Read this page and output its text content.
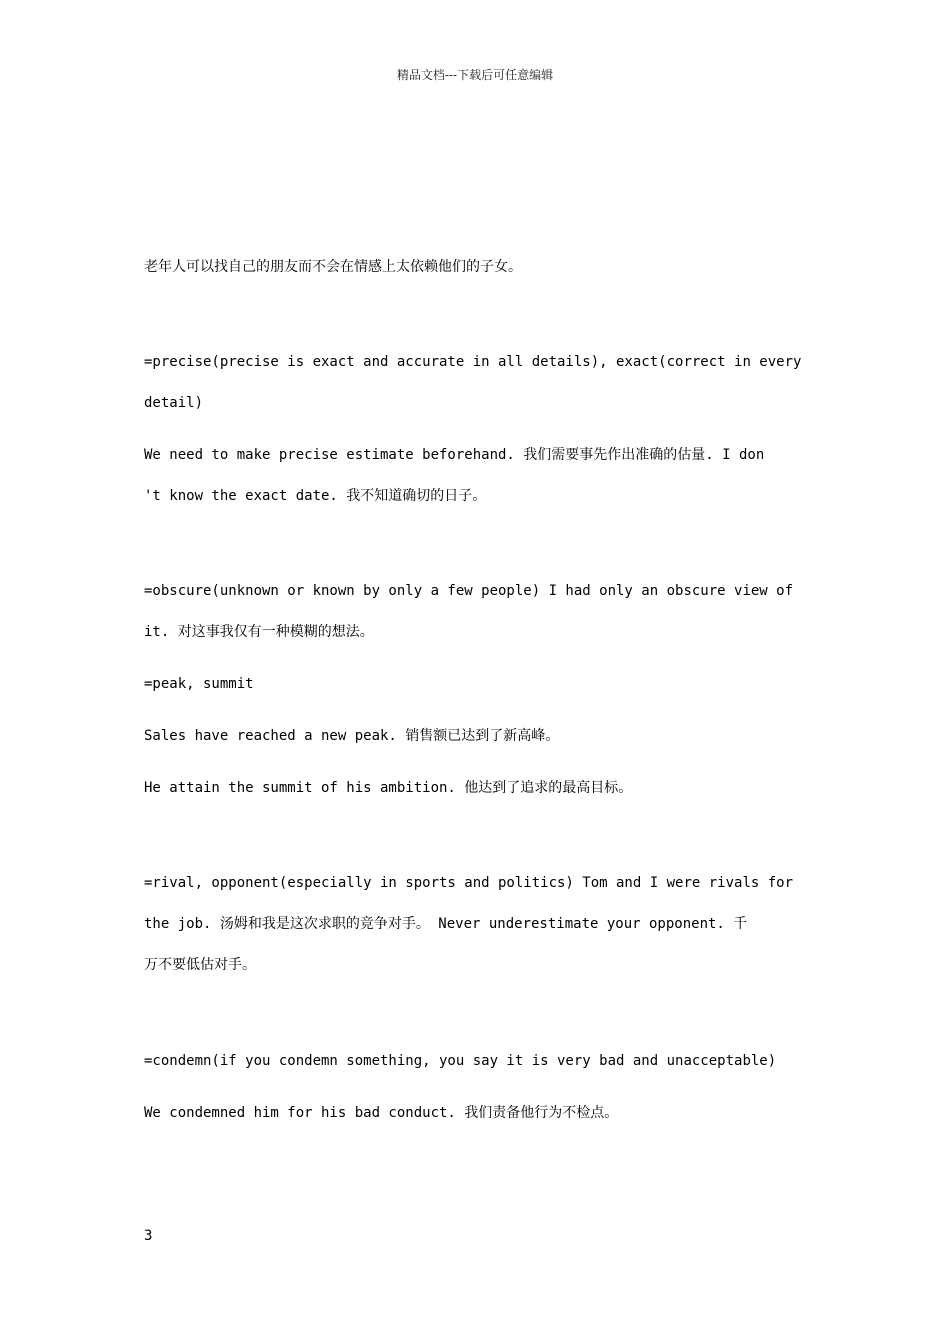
精品文档---下载后可任意编辑
老年人可以找自己的朋友而不会在情感上太依赖他们的子女。
=precise(precise is exact and accurate in all details), exact(correct in every
detail)
We need to make precise estimate beforehand. 我们需要事先作出准确的估量. I don
't know the exact date. 我不知道确切的日子。
=obscure(unknown or known by only a few people) I had only an obscure view of
it. 对这事我仅有一种模糊的想法。
=peak, summit
Sales have reached a new peak. 销售额已达到了新高峰。
He attain the summit of his ambition. 他达到了追求的最高目标。
=rival, opponent(especially in sports and politics) Tom and I were rivals for
the job. 汤姆和我是这次求职的竞争对手。 Never underestimate your opponent. 千
万不要低估对手。
=condemn(if you condemn something, you say it is very bad and unacceptable)
We condemned him for his bad conduct. 我们责备他行为不检点。
3
